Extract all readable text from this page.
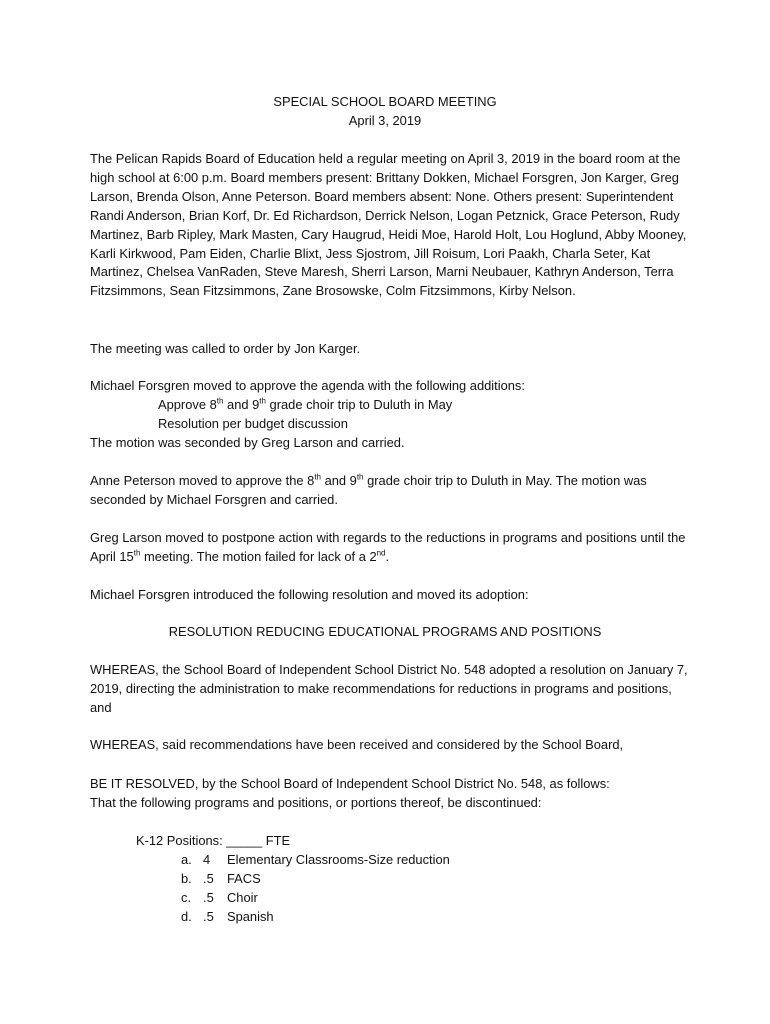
SPECIAL SCHOOL BOARD MEETING
April 3, 2019
The Pelican Rapids Board of Education held a regular meeting on April 3, 2019 in the board room at the high school at 6:00 p.m. Board members present: Brittany Dokken, Michael Forsgren, Jon Karger, Greg Larson, Brenda Olson, Anne Peterson. Board members absent: None. Others present: Superintendent Randi Anderson, Brian Korf, Dr. Ed Richardson, Derrick Nelson, Logan Petznick, Grace Peterson, Rudy Martinez, Barb Ripley, Mark Masten, Cary Haugrud, Heidi Moe, Harold Holt, Lou Hoglund, Abby Mooney, Karli Kirkwood, Pam Eiden, Charlie Blixt, Jess Sjostrom, Jill Roisum, Lori Paakh, Charla Seter, Kat Martinez, Chelsea VanRaden, Steve Maresh, Sherri Larson, Marni Neubauer, Kathryn Anderson, Terra Fitzsimmons, Sean Fitzsimmons, Zane Brosowske, Colm Fitzsimmons, Kirby Nelson.
The meeting was called to order by Jon Karger.
Michael Forsgren moved to approve the agenda with the following additions:
Approve 8th and 9th grade choir trip to Duluth in May
Resolution per budget discussion
The motion was seconded by Greg Larson and carried.
Anne Peterson moved to approve the 8th and 9th grade choir trip to Duluth in May. The motion was seconded by Michael Forsgren and carried.
Greg Larson moved to postpone action with regards to the reductions in programs and positions until the April 15th meeting. The motion failed for lack of a 2nd.
Michael Forsgren introduced the following resolution and moved its adoption:
RESOLUTION REDUCING EDUCATIONAL PROGRAMS AND POSITIONS
WHEREAS, the School Board of Independent School District No. 548 adopted a resolution on January 7, 2019, directing the administration to make recommendations for reductions in programs and positions, and
WHEREAS, said recommendations have been received and considered by the School Board,
BE IT RESOLVED, by the School Board of Independent School District No. 548, as follows:
That the following programs and positions, or portions thereof, be discontinued:
K-12 Positions: _____ FTE
a. 4 Elementary Classrooms-Size reduction
b. .5 FACS
c. .5 Choir
d. .5 Spanish
